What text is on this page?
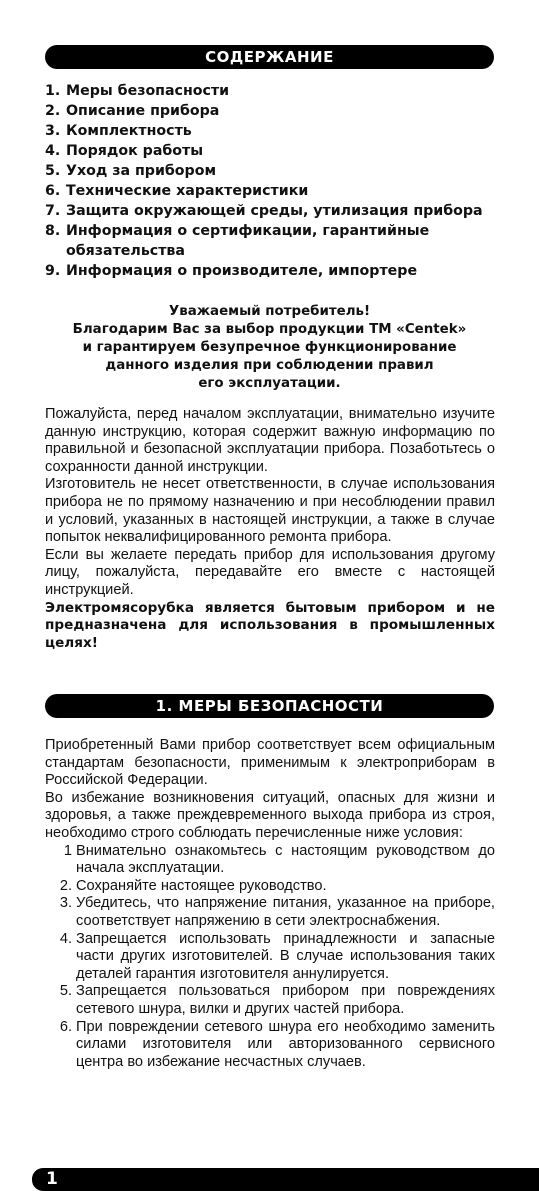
СОДЕРЖАНИЕ
1. Меры безопасности
2. Описание прибора
3. Комплектность
4. Порядок работы
5. Уход за прибором
6. Технические характеристики
7. Защита окружающей среды, утилизация прибора
8. Информация о сертификации, гарантийные обязательства
9. Информация о производителе, импортере
Уважаемый потребитель!
Благодарим Вас за выбор продукции ТМ «Centek»
и гарантируем безупречное функционирование
данного изделия при соблюдении правил
его эксплуатации.

Пожалуйста, перед началом эксплуатации, внимательно изучите данную инструкцию, которая содержит важную информацию по правильной и безопасной эксплуатации прибора. Позаботьтесь о сохранности данной инструкции.

Изготовитель не несет ответственности, в случае использования прибора не по прямому назначению и при несоблюдении правил и условий, указанных в настоящей инструкции, а также в случае попыток неквалифицированного ремонта прибора.

Если вы желаете передать прибор для использования другому лицу, пожалуйста, передавайте его вместе с настоящей инструкцией.

Электромясорубка является бытовым прибором и не предназначена для использования в промышленных целях!

1. МЕРЫ БЕЗОПАСНОСТИ

Приобретенный Вами прибор соответствует всем официальным стандартам безопасности, применимым к электроприборам в Российской Федерации.

Во избежание возникновения ситуаций, опасных для жизни и здоровья, а также преждевременного выхода прибора из строя, необходимо строго соблюдать перечисленные ниже условия:

1 Внимательно ознакомьтесь с настоящим руководством до начала эксплуатации.
2. Сохраняйте настоящее руководство.
3. Убедитесь, что напряжение питания, указанное на приборе, соответствует напряжению в сети электроснабжения.
4. Запрещается использовать принадлежности и запасные части других изготовителей. В случае использования таких деталей гарантия изготовителя аннулируется.
5. Запрещается пользоваться прибором при повреждениях сетевого шнура, вилки и других частей прибора.
6. При повреждении сетевого шнура его необходимо заменить силами изготовителя или авторизованного сервисного центра во избежание несчастных случаев.
1
